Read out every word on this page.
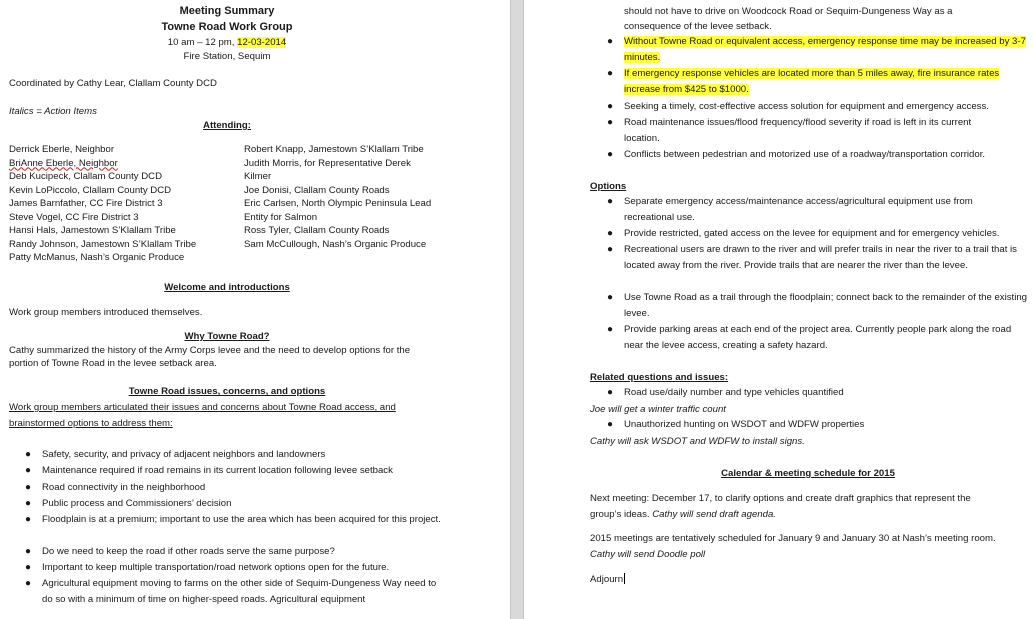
Meeting Summary
Towne Road Work Group
10 am – 12 pm, 12-03-2014
Fire Station, Sequim
Coordinated by Cathy Lear, Clallam County DCD
Italics = Action Items
Attending:
Derrick Eberle, Neighbor
BriAnne Eberle, Neighbor
Deb Kucipeck, Clallam County DCD
Kevin LoPiccolo, Clallam County DCD
James Barnfather, CC Fire District 3
Steve Vogel, CC Fire District 3
Hansi Hals, Jamestown S’Klallam Tribe
Randy Johnson, Jamestown S’Klallam Tribe
Patty McManus, Nash’s Organic Produce
Robert Knapp, Jamestown S’Klallam Tribe
Judith Morris, for Representative Derek
Kilmer
Joe Donisi, Clallam County Roads
Eric Carlsen, North Olympic Peninsula Lead
Entity for Salmon
Ross Tyler, Clallam County Roads
Sam McCullough, Nash’s Organic Produce
Welcome and introductions
Work group members introduced themselves.
Why Towne Road?
Cathy summarized the history of the Army Corps levee and the need to develop options for the
portion of Towne Road in the levee setback area.
Towne Road issues, concerns, and options
Work group members articulated their issues and concerns about Towne Road access, and
brainstormed options to address them:
● Safety, security, and privacy of adjacent neighbors and landowners
● Maintenance required if road remains in its current location following levee setback
● Road connectivity in the neighborhood
● Public process and Commissioners’ decision
● Floodplain is at a premium; important to use the area which has been acquired for this project.
● Do we need to keep the road if other roads serve the same purpose?
● Important to keep multiple transportation/road network options open for the future.
● Agricultural equipment moving to farms on the other side of Sequim-Dungeness Way need to do so with a minimum of time on higher-speed roads. Agricultural equipment
should not have to drive on Woodcock Road or Sequim-Dungeness Way as a
consequence of the levee setback.
● Without Towne Road or equivalent access, emergency response time may be increased by 3-7 minutes.
● If emergency response vehicles are located more than 5 miles away, fire insurance rates increase from $425 to $1000.
● Seeking a timely, cost-effective access solution for equipment and emergency access.
● Road maintenance issues/flood frequency/flood severity if road is left in its current location.
● Conflicts between pedestrian and motorized use of a roadway/transportation corridor.
Options
● Separate emergency access/maintenance access/agricultural equipment use from recreational use.
● Provide restricted, gated access on the levee for equipment and for emergency vehicles.
● Recreational users are drawn to the river and will prefer trails in near the river to a trail that is located away from the river. Provide trails that are nearer the river than the levee.
● Use Towne Road as a trail through the floodplain; connect back to the remainder of the existing levee.
● Provide parking areas at each end of the project area. Currently people park along the road near the levee access, creating a safety hazard.
Related questions and issues:
● Road use/daily number and type vehicles quantified
Joe will get a winter traffic count
● Unauthorized hunting on WSDOT and WDFW properties
Cathy will ask WSDOT and WDFW to install signs.
Calendar & meeting schedule for 2015
Next meeting: December 17, to clarify options and create draft graphics that represent the
group’s ideas. Cathy will send draft agenda.
2015 meetings are tentatively scheduled for January 9 and January 30 at Nash’s meeting room.
Cathy will send Doodle poll
Adjourn
